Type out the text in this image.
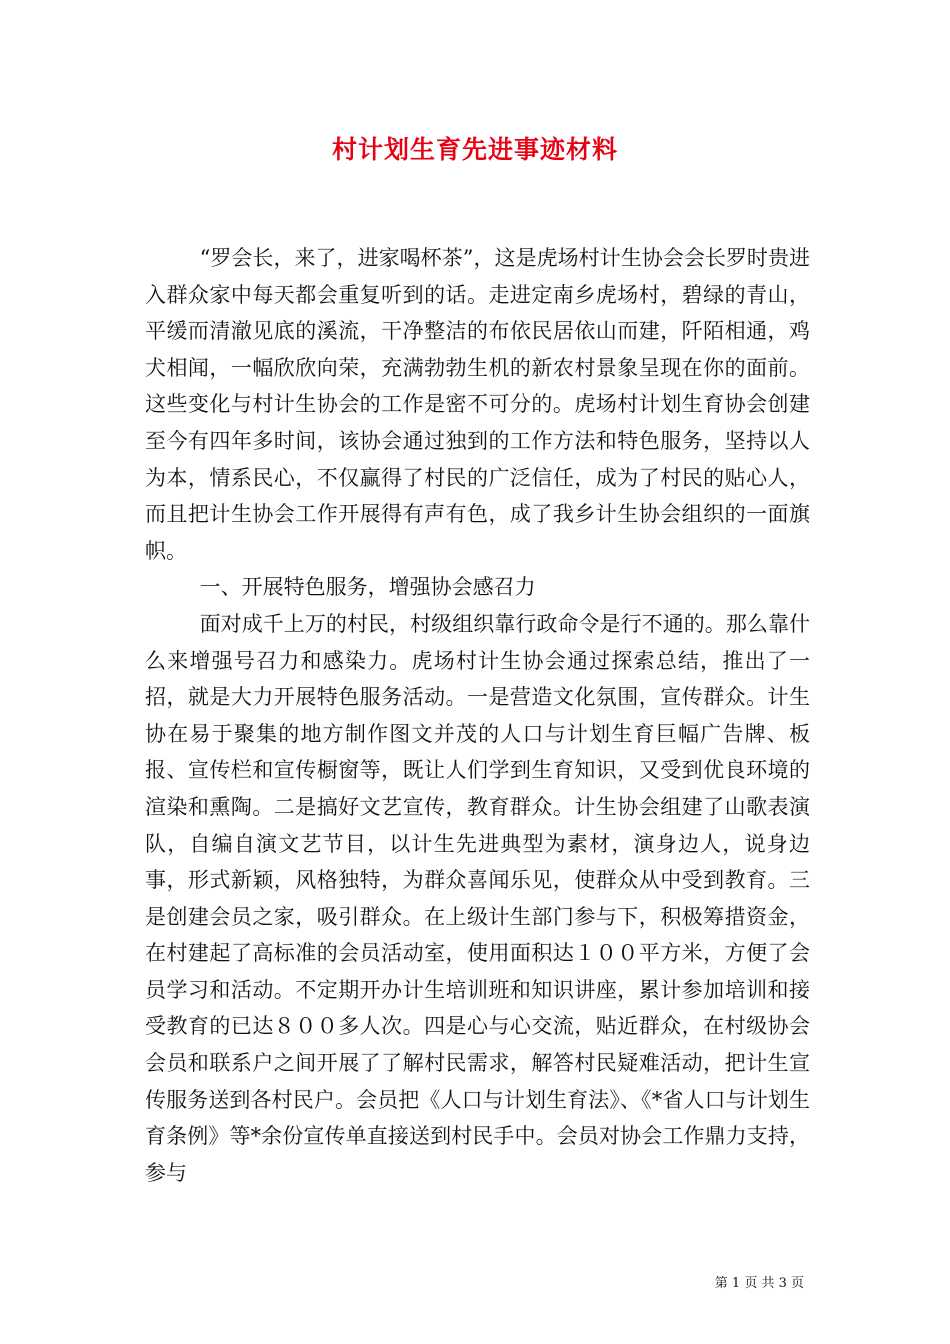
村计划生育先进事迹材料

“罗会长，来了，进家喝杯茶”，这是虎场村计生协会会长罗时贵进入群众家中每天都会重复听到的话。走进定南乡虎场村，碧绿的青山，平缓而清澈见底的溪流，干净整洁的布依民居依山而建，阡陌相通，鸡犬相闻，一幅欣欣向荣，充满勃勃生机的新农村景象呈现在你的面前。这些变化与村计生协会的工作是密不可分的。虎场村计划生育协会创建至今有四年多时间，该协会通过独到的工作方法和特色服务，坚持以人为本，情系民心，不仅赢得了村民的广泛信任，成为了村民的贴心人，而且把计生协会工作开展得有声有色，成了我乡计生协会组织的一面旗帜。

一、开展特色服务，增强协会感召力

面对成千上万的村民，村级组织靠行政命令是行不通的。那么靠什么来增强号召力和感染力。虎场村计生协会通过探索总结，推出了一招，就是大力开展特色服务活动。一是营造文化氛围，宣传群众。计生协在易于聚集的地方制作图文并茂的人口与计划生育巨幅广告牌、板报、宣传栏和宣传橱窗等，既让人们学到生育知识，又受到优良环境的渲染和熏陶。二是搞好文艺宣传，教育群众。计生协会组建了山歌表演队，自编自演文艺节目，以计生先进典型为素材，演身边人，说身边事，形式新颖，风格独特，为群众喜闻乐见，使群众从中受到教育。三是创建会员之家，吸引群众。在上级计生部门参与下，积极筹措资金，在村建起了高标准的会员活动室，使用面积达１００平方米，方便了会员学习和活动。不定期开办计生培训班和知识讲座，累计参加培训和接受教育的已达８００多人次。四是心与心交流，贴近群众，在村级协会会员和联系户之间开展了了解村民需求，解答村民疑难活动，把计生宣传服务送到各村民户。会员把《人口与计划生育法》、《*省人口与计划生育条例》等*余份宣传单直接送到村民手中。会员对协会工作鼎力支持，参与

第 1 页 共 3 页
